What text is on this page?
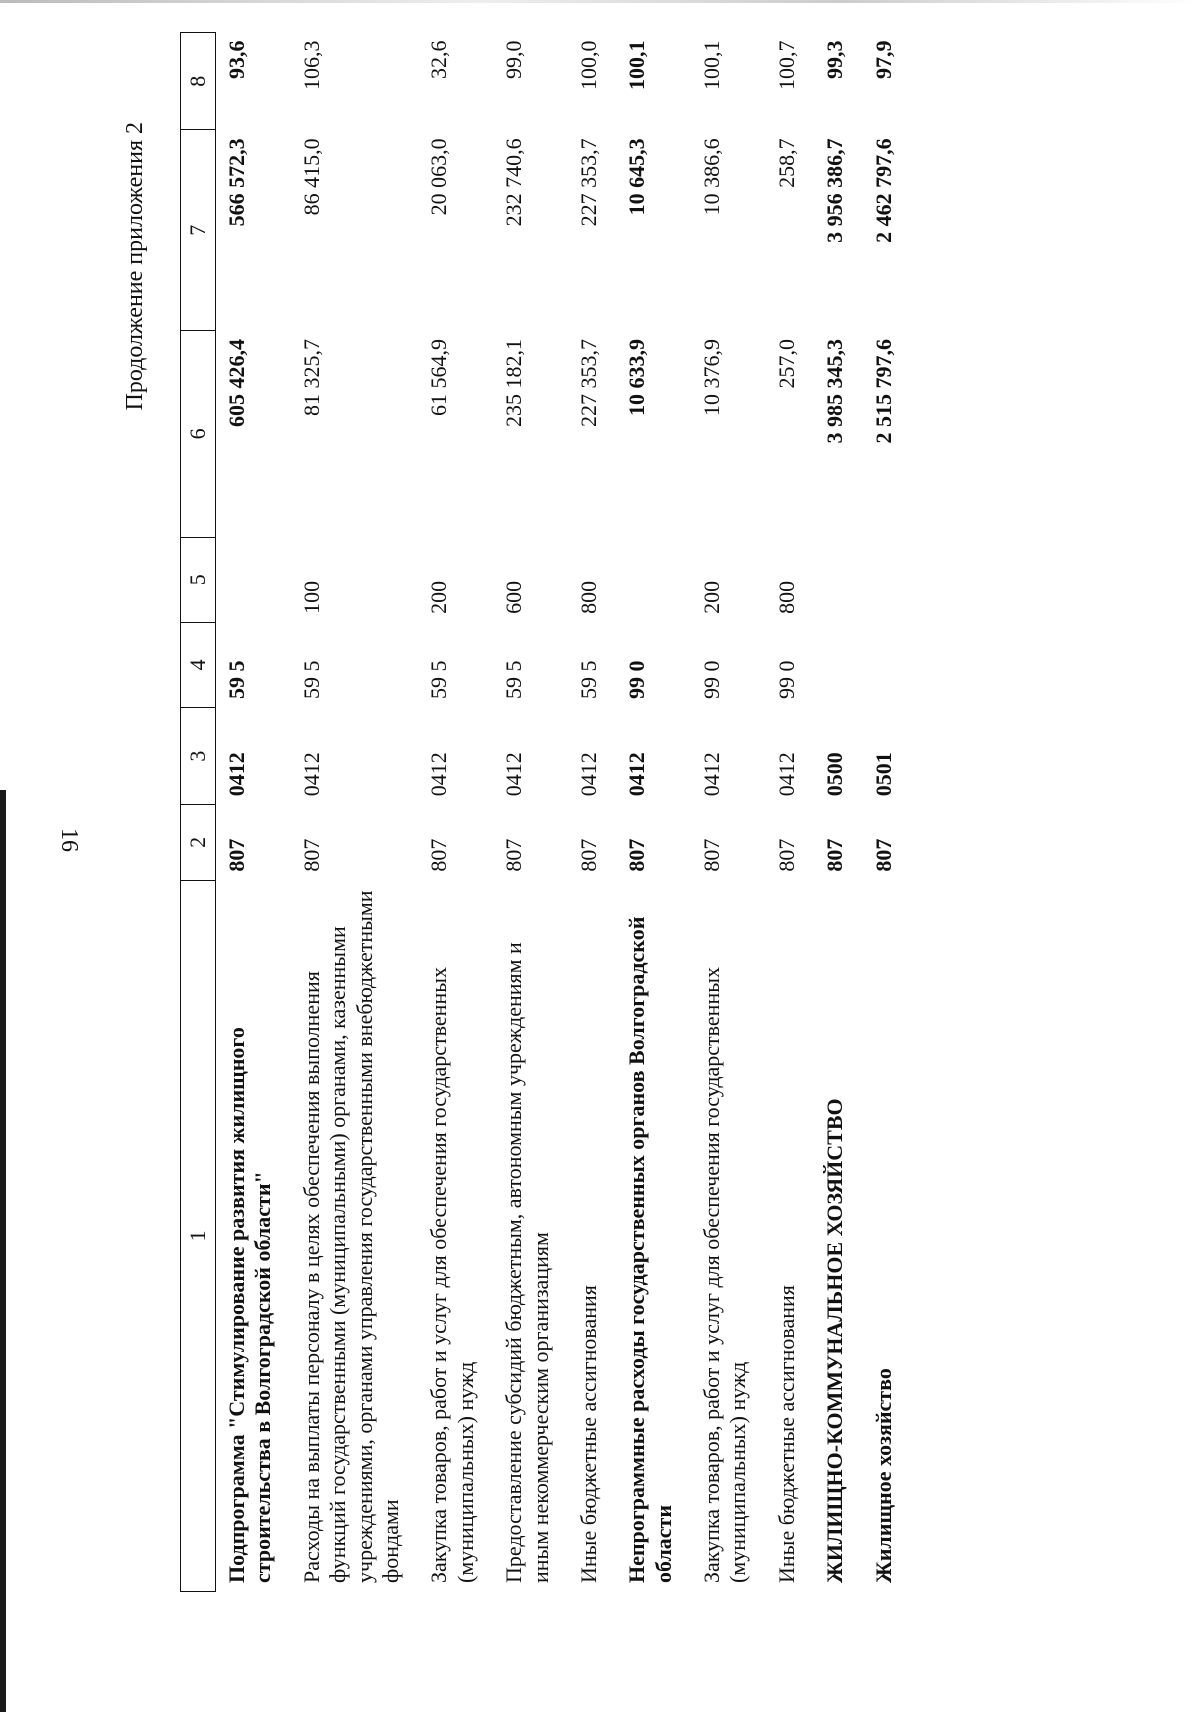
16
Продолжение приложения 2
1	2	3	4	5	6	7	8
Подпрограмма "Стимулирование развития жилищного строительства в Волгоградской области"	807	0412	59 5		605 426,4	566 572,3	93,6
Расходы на выплаты персоналу в целях обеспечения выполнения функций государственными (муниципальными) органами, казенными учреждениями, органами управления государственными внебюджетными фондами	807	0412	59 5	100	81 325,7	86 415,0	106,3
Закупка товаров, работ и услуг для обеспечения государственных (муниципальных) нужд	807	0412	59 5	200	61 564,9	20 063,0	32,6
Предоставление субсидий бюджетным, автономным учреждениям и иным некоммерческим организациям	807	0412	59 5	600	235 182,1	232 740,6	99,0
Иные бюджетные ассигнования	807	0412	59 5	800	227 353,7	227 353,7	100,0
Непрограммные расходы государственных органов Волгоградской области	807	0412	99 0		10 633,9	10 645,3	100,1
Закупка товаров, работ и услуг для обеспечения государственных (муниципальных) нужд	807	0412	99 0	200	10 376,9	10 386,6	100,1
Иные бюджетные ассигнования	807	0412	99 0	800	257,0	258,7	100,7
ЖИЛИЩНО-КОММУНАЛЬНОЕ ХОЗЯЙСТВО	807	0500			3 985 345,3	3 956 386,7	99,3
Жилищное хозяйство	807	0501			2 515 797,6	2 462 797,6	97,9
